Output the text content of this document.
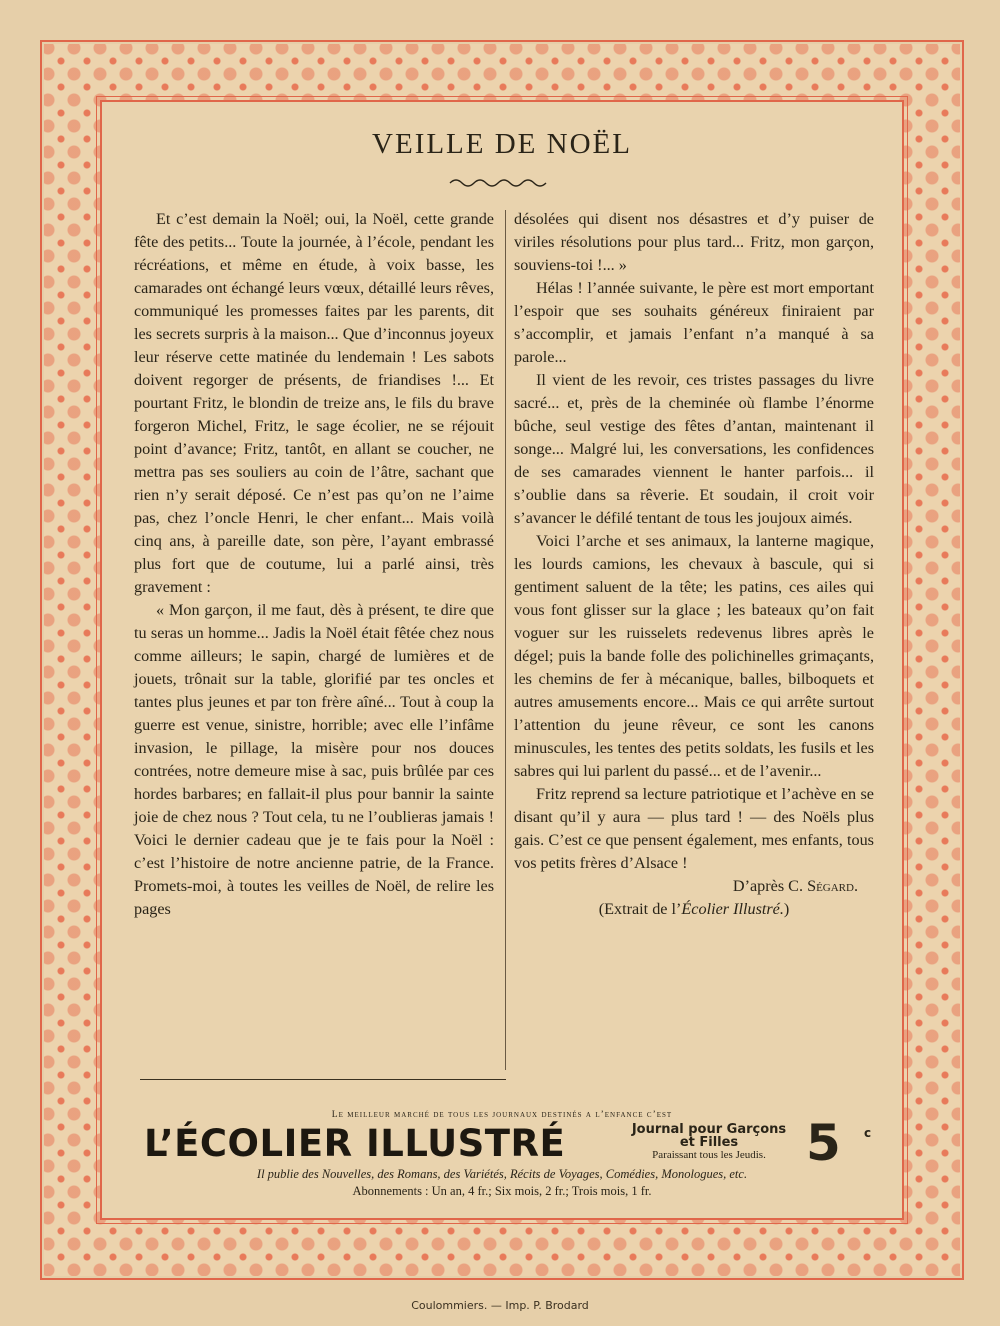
VEILLE DE NOËL

Et c’est demain la Noël; oui, la Noël, cette grande fête des petits... Toute la journée, à l’école, pendant les récréations, et même en étude, à voix basse, les camarades ont échangé leurs vœux, détaillé leurs rêves, communiqué les promesses faites par les parents, dit les secrets surpris à la maison... Que d’inconnus joyeux leur réserve cette matinée du lendemain ! Les sabots doivent regorger de présents, de friandises !... Et pourtant Fritz, le blondin de treize ans, le fils du brave forgeron Michel, Fritz, le sage écolier, ne se réjouit point d’avance; Fritz, tantôt, en allant se coucher, ne mettra pas ses souliers au coin de l’âtre, sachant que rien n’y serait déposé. Ce n’est pas qu’on ne l’aime pas, chez l’oncle Henri, le cher enfant... Mais voilà cinq ans, à pareille date, son père, l’ayant embrassé plus fort que de coutume, lui a parlé ainsi, très gravement :

« Mon garçon, il me faut, dès à présent, te dire que tu seras un homme... Jadis la Noël était fêtée chez nous comme ailleurs; le sapin, chargé de lumières et de jouets, trônait sur la table, glorifié par tes oncles et tantes plus jeunes et par ton frère aîné... Tout à coup la guerre est venue, sinistre, horrible; avec elle l’infâme invasion, le pillage, la misère pour nos douces contrées, notre demeure mise à sac, puis brûlée par ces hordes barbares; en fallait-il plus pour bannir la sainte joie de chez nous ? Tout cela, tu ne l’oublieras jamais ! Voici le dernier cadeau que je te fais pour la Noël : c’est l’histoire de notre ancienne patrie, de la France. Promets-moi, à toutes les veilles de Noël, de relire les pages

désolées qui disent nos désastres et d’y puiser de viriles résolutions pour plus tard... Fritz, mon garçon, souviens-toi !... »

Hélas ! l’année suivante, le père est mort emportant l’espoir que ses souhaits généreux finiraient par s’accomplir, et jamais l’enfant n’a manqué à sa parole...

Il vient de les revoir, ces tristes passages du livre sacré... et, près de la cheminée où flambe l’énorme bûche, seul vestige des fêtes d’antan, maintenant il songe... Malgré lui, les conversations, les confidences de ses camarades viennent le hanter parfois... il s’oublie dans sa rêverie. Et soudain, il croit voir s’avancer le défilé tentant de tous les joujoux aimés.

Voici l’arche et ses animaux, la lanterne magique, les lourds camions, les chevaux à bascule, qui si gentiment saluent de la tête; les patins, ces ailes qui vous font glisser sur la glace ; les bateaux qu’on fait voguer sur les ruisselets redevenus libres après le dégel; puis la bande folle des polichinelles grimaçants, les chemins de fer à mécanique, balles, bilboquets et autres amusements encore... Mais ce qui arrête surtout l’attention du jeune rêveur, ce sont les canons minuscules, les tentes des petits soldats, les fusils et les sabres qui lui parlent du passé... et de l’avenir...

Fritz reprend sa lecture patriotique et l’achève en se disant qu’il y aura — plus tard ! — des Noëls plus gais. C’est ce que pensent également, mes enfants, tous vos petits frères d’Alsace !

D’après C. Ségard.

(Extrait de l’Écolier Illustré.)

Le meilleur marché de tous les journaux destinés a l’enfance c’est
L’ÉCOLIER ILLUSTRÉ	Journal pour Garçons
et Filles
Paraissant tous les Jeudis. 5 c
Il publie des Nouvelles, des Romans, des Variétés, Récits de Voyages, Comédies, Monologues, etc.
Abonnements : Un an, 4 fr.; Six mois, 2 fr.; Trois mois, 1 fr.
Coulommiers. — Imp. P. Brodard
